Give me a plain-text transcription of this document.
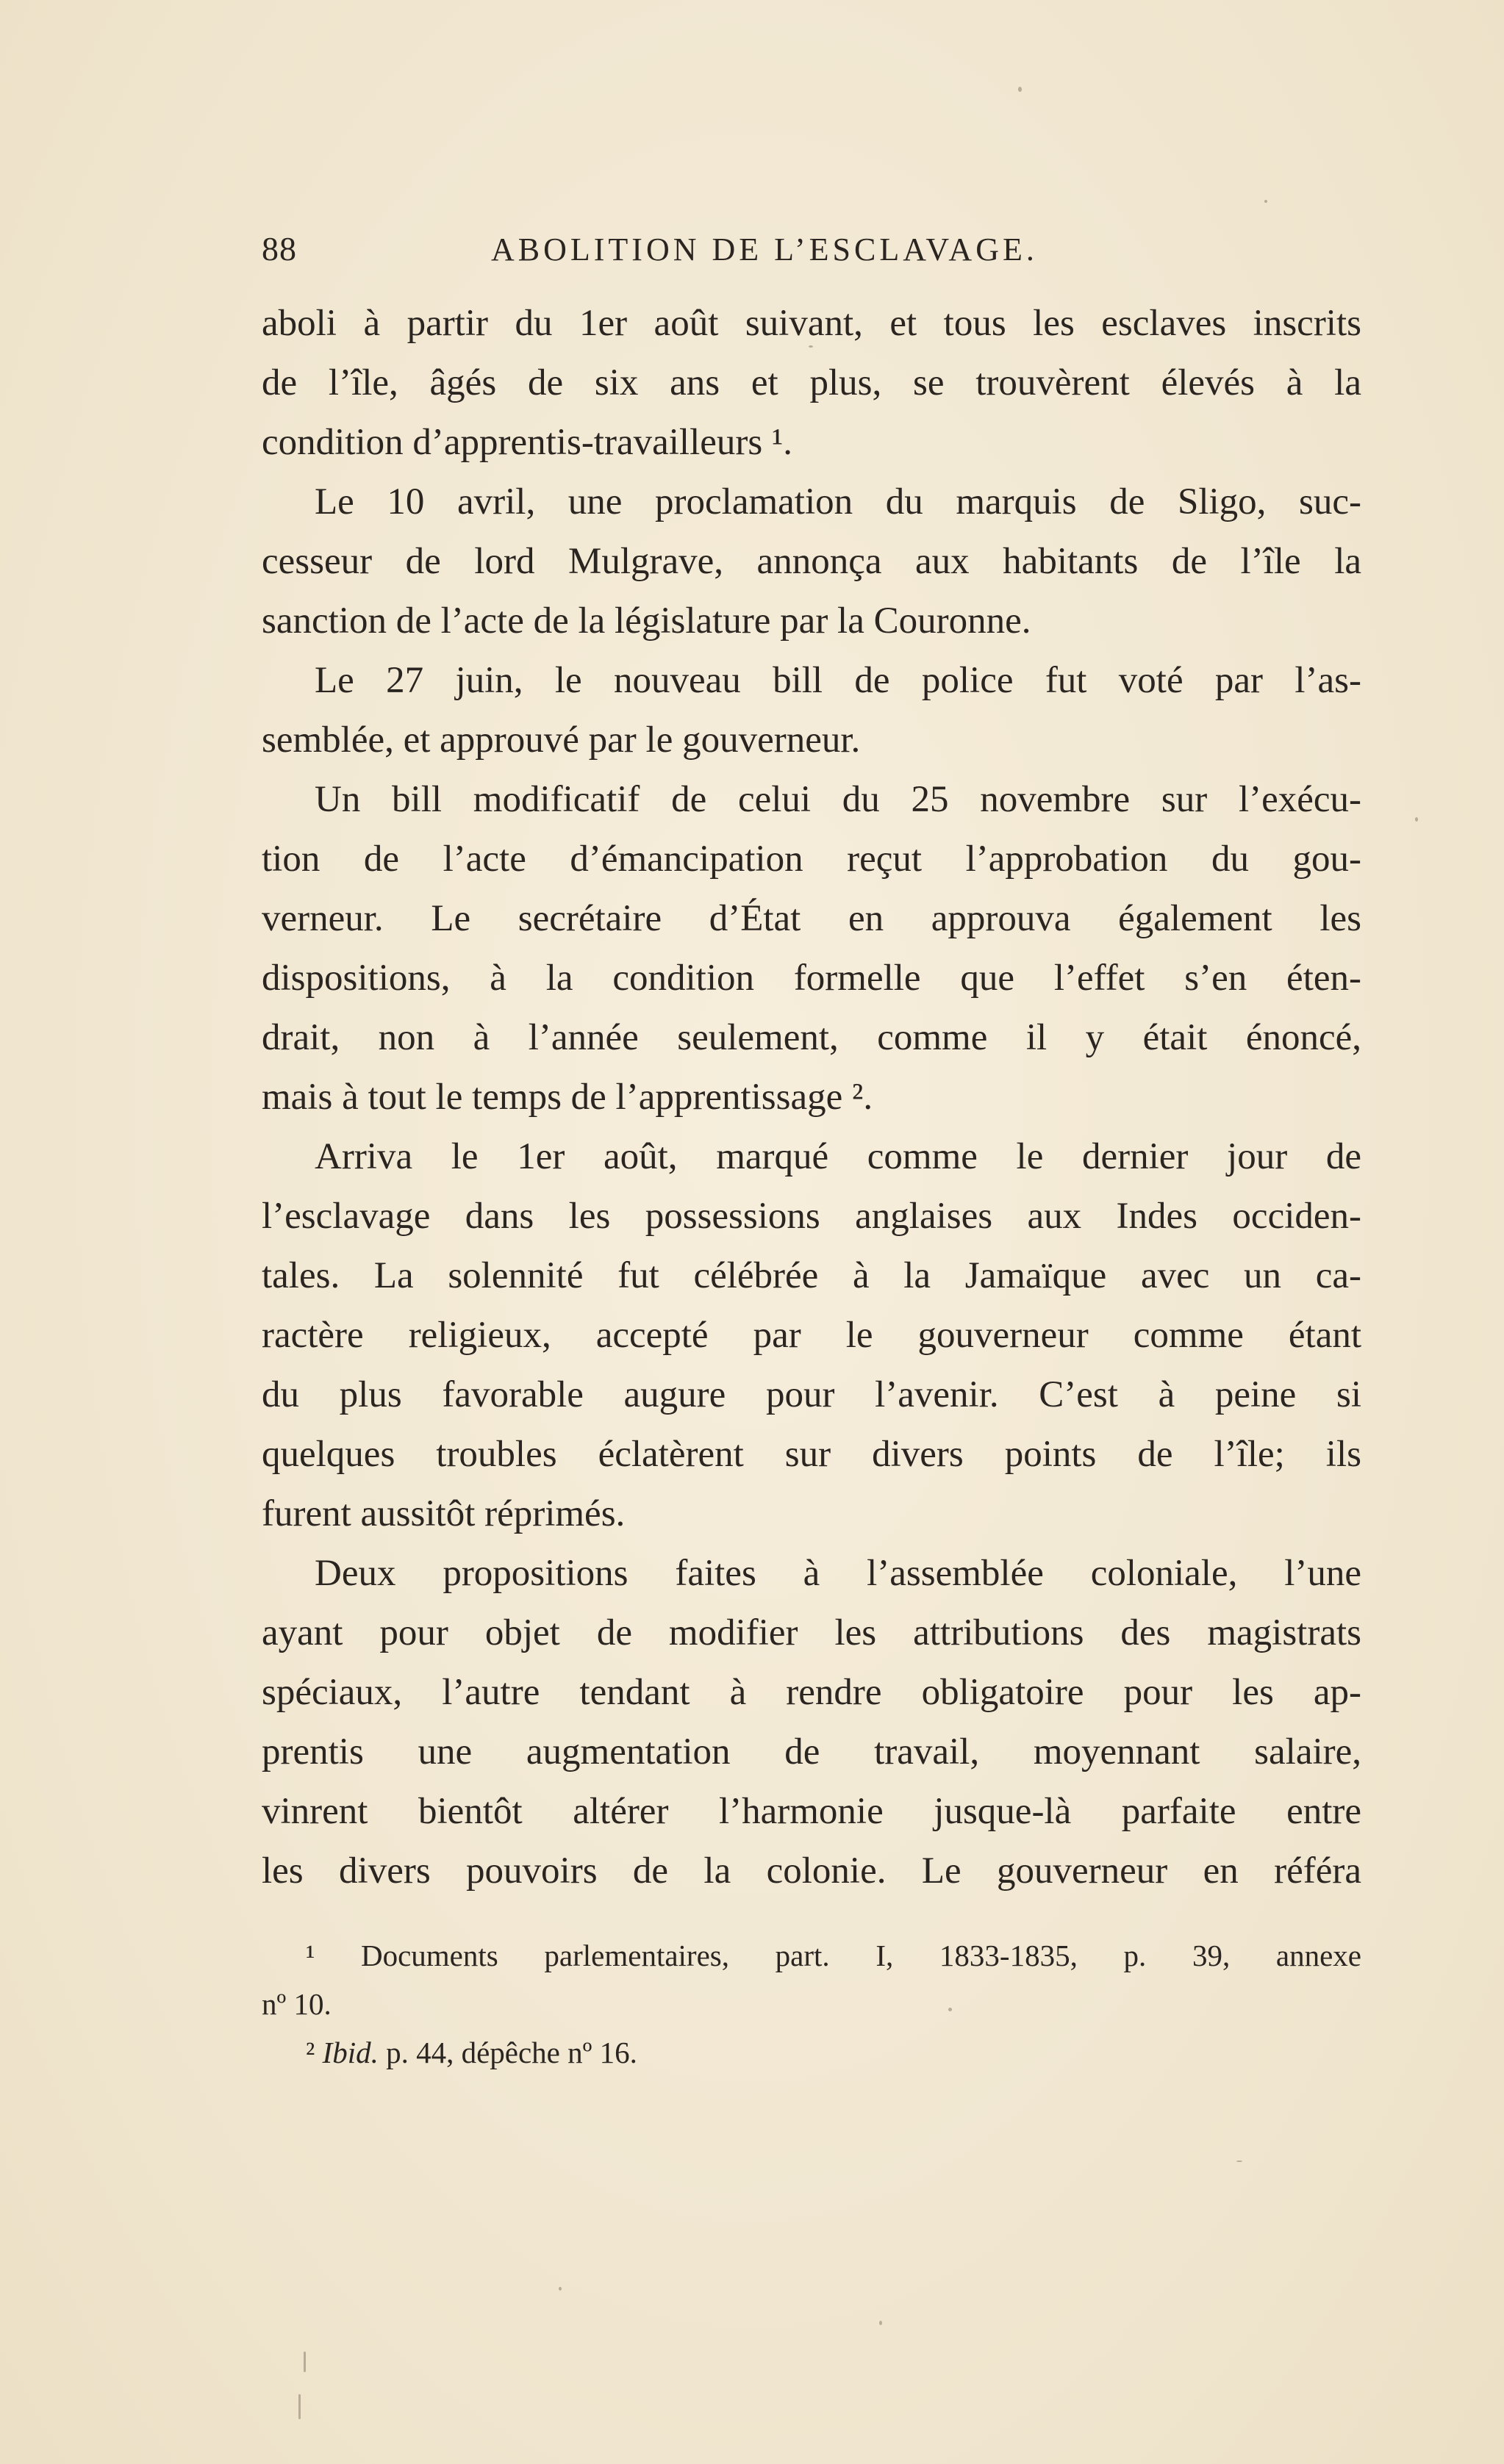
88	ABOLITION DE L’ESCLAVAGE.
aboli à partir du 1er août suivant, et tous les esclaves inscrits
de l’île, âgés de six ans et plus, se trouvèrent élevés à la
condition d’apprentis-travailleurs ¹.
Le 10 avril, une proclamation du marquis de Sligo, suc-
cesseur de lord Mulgrave, annonça aux habitants de l’île la
sanction de l’acte de la législature par la Couronne.
Le 27 juin, le nouveau bill de police fut voté par l’as-
semblée, et approuvé par le gouverneur.
Un bill modificatif de celui du 25 novembre sur l’exécu-
tion de l’acte d’émancipation reçut l’approbation du gou-
verneur. Le secrétaire d’État en approuva également les
dispositions, à la condition formelle que l’effet s’en éten-
drait, non à l’année seulement, comme il y était énoncé,
mais à tout le temps de l’apprentissage ².
Arriva le 1er août, marqué comme le dernier jour de
l’esclavage dans les possessions anglaises aux Indes occiden-
tales. La solennité fut célébrée à la Jamaïque avec un ca-
ractère religieux, accepté par le gouverneur comme étant
du plus favorable augure pour l’avenir. C’est à peine si
quelques troubles éclatèrent sur divers points de l’île; ils
furent aussitôt réprimés.
Deux propositions faites à l’assemblée coloniale, l’une
ayant pour objet de modifier les attributions des magistrats
spéciaux, l’autre tendant à rendre obligatoire pour les ap-
prentis une augmentation de travail, moyennant salaire,
vinrent bientôt altérer l’harmonie jusque-là parfaite entre
les divers pouvoirs de la colonie. Le gouverneur en référa
¹ Documents parlementaires, part. I, 1833-1835, p. 39, annexe
nº 10.
² Ibid. p. 44, dépêche nº 16.
